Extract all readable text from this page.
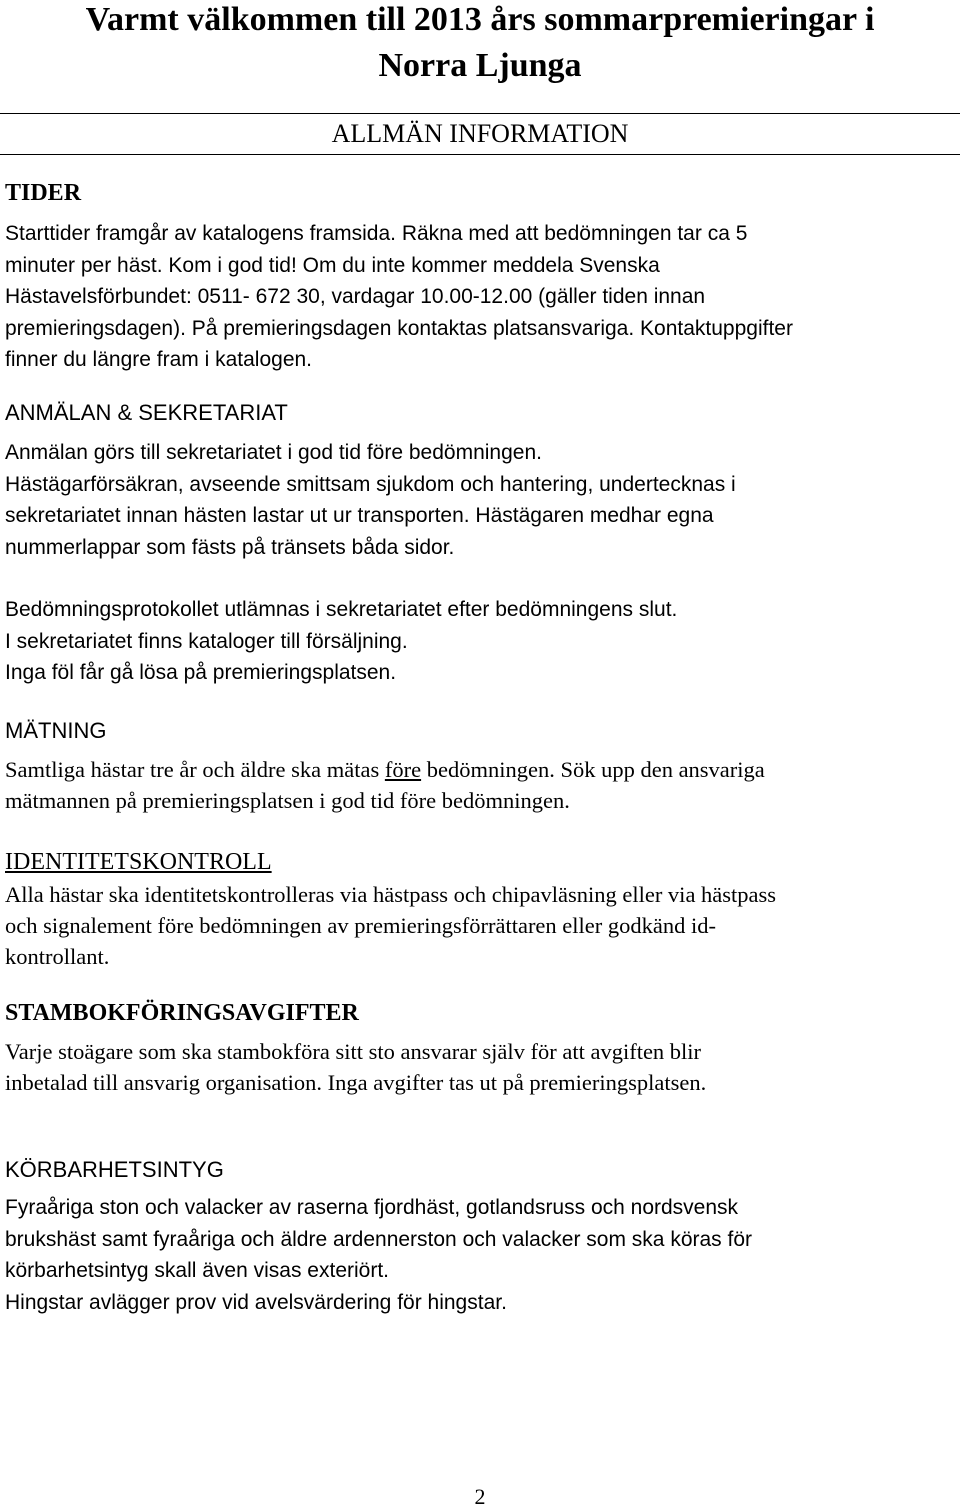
Varmt välkommen till 2013 års sommarpremieringar i
Norra Ljunga
ALLMÄN INFORMATION
TIDER
Starttider framgår av katalogens framsida. Räkna med att bedömningen tar ca 5
minuter per häst. Kom i god tid! Om du inte kommer meddela Svenska
Hästavelsförbundet: 0511- 672 30, vardagar 10.00-12.00 (gäller tiden innan
premieringsdagen). På premieringsdagen kontaktas platsansvariga. Kontaktuppgifter
finner du längre fram i katalogen.
ANMÄLAN & SEKRETARIAT
Anmälan görs till sekretariatet i god tid före bedömningen.
Hästägarförsäkran, avseende smittsam sjukdom och hantering, undertecknas i
sekretariatet innan hästen lastar ut ur transporten. Hästägaren medhar egna
nummerlappar som fästs på tränsets båda sidor.
Bedömningsprotokollet utlämnas i sekretariatet efter bedömningens slut.
I sekretariatet finns kataloger till försäljning.
Inga föl får gå lösa på premieringsplatsen.
MÄTNING
Samtliga hästar tre år och äldre ska mätas före bedömningen. Sök upp den ansvariga
mätmannen på premieringsplatsen i god tid före bedömningen.
IDENTITETSKONTROLL
Alla hästar ska identitetskontrolleras via hästpass och chipavläsning eller via hästpass
och signalement före bedömningen av premieringsförrättaren eller godkänd id-
kontrollant.
STAMBOKFÖRINGSAVGIFTER
Varje stoägare som ska stambokföra sitt sto ansvarar själv för att avgiften blir
inbetalad till ansvarig organisation. Inga avgifter tas ut på premieringsplatsen.
KÖRBARHETSINTYG
Fyraåriga ston och valacker av raserna fjordhäst, gotlandsruss och nordsvensk
brukshäst samt fyraåriga och äldre ardennerston och valacker som ska köras för
körbarhetsintyg skall även visas exteriört.
Hingstar avlägger prov vid avelsvärdering för hingstar.
2
